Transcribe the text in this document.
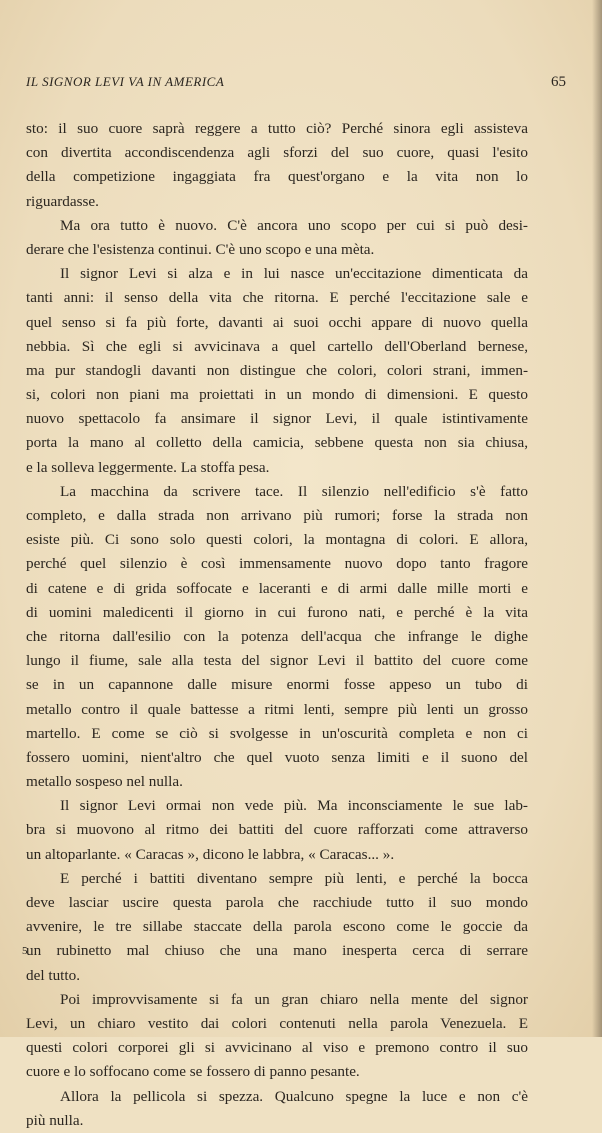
IL SIGNOR LEVI VA IN AMERICA	65
sto: il suo cuore saprà reggere a tutto ciò? Perché sinora egli assisteva
con divertita accondiscendenza agli sforzi del suo cuore, quasi l'esito
della competizione ingaggiata fra quest'organo e la vita non lo
riguardasse.
Ma ora tutto è nuovo. C'è ancora uno scopo per cui si può desi-
derare che l'esistenza continui. C'è uno scopo e una mèta.
Il signor Levi si alza e in lui nasce un'eccitazione dimenticata da
tanti anni: il senso della vita che ritorna. E perché l'eccitazione sale e
quel senso si fa più forte, davanti ai suoi occhi appare di nuovo quella
nebbia. Sì che egli si avvicinava a quel cartello dell'Oberland bernese,
ma pur standogli davanti non distingue che colori, colori strani, immen-
si, colori non piani ma proiettati in un mondo di dimensioni. E questo
nuovo spettacolo fa ansimare il signor Levi, il quale istintivamente
porta la mano al colletto della camicia, sebbene questa non sia chiusa,
e la solleva leggermente. La stoffa pesa.
La macchina da scrivere tace. Il silenzio nell'edificio s'è fatto
completo, e dalla strada non arrivano più rumori; forse la strada non
esiste più. Ci sono solo questi colori, la montagna di colori. E allora,
perché quel silenzio è così immensamente nuovo dopo tanto fragore
di catene e di grida soffocate e laceranti e di armi dalle mille morti e
di uomini maledicenti il giorno in cui furono nati, e perché è la vita
che ritorna dall'esilio con la potenza dell'acqua che infrange le dighe
lungo il fiume, sale alla testa del signor Levi il battito del cuore come
se in un capannone dalle misure enormi fosse appeso un tubo di
metallo contro il quale battesse a ritmi lenti, sempre più lenti un grosso
martello. E come se ciò si svolgesse in un'oscurità completa e non ci
fossero uomini, nient'altro che quel vuoto senza limiti e il suono del
metallo sospeso nel nulla.
Il signor Levi ormai non vede più. Ma inconsciamente le sue lab-
bra si muovono al ritmo dei battiti del cuore rafforzati come attraverso
un altoparlante. « Caracas », dicono le labbra, « Caracas... ».
E perché i battiti diventano sempre più lenti, e perché la bocca
deve lasciar uscire questa parola che racchiude tutto il suo mondo
avvenire, le tre sillabe staccate della parola escono come le goccie da
un rubinetto mal chiuso che una mano inesperta cerca di serrare
del tutto.
Poi improvvisamente si fa un gran chiaro nella mente del signor
Levi, un chiaro vestito dai colori contenuti nella parola Venezuela. E
questi colori corporei gli si avvicinano al viso e premono contro il suo
cuore e lo soffocano come se fossero di panno pesante.
Allora la pellicola si spezza. Qualcuno spegne la luce e non c'è
più nulla.
5
